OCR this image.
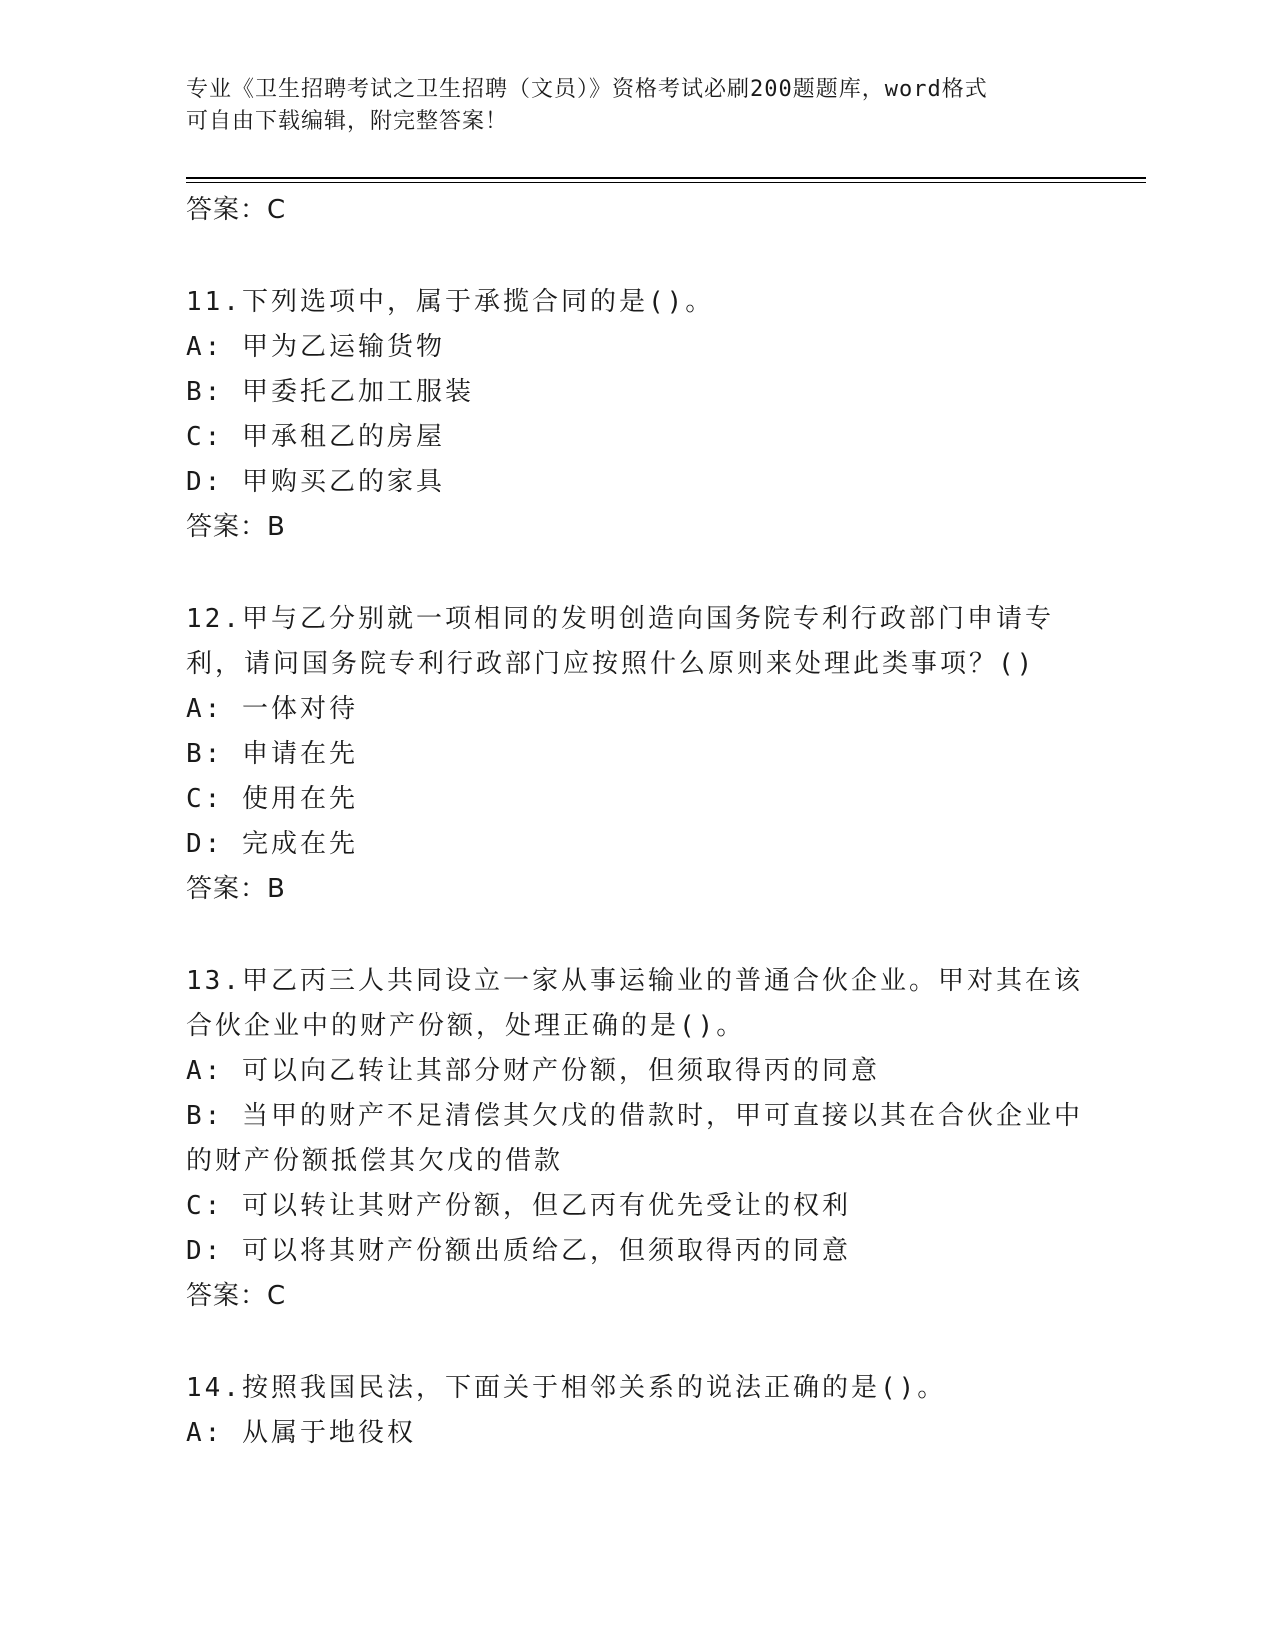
专业《卫生招聘考试之卫生招聘（文员）》资格考试必刷200题题库，word格式
可自由下载编辑，附完整答案！
答案：C
11.下列选项中，属于承揽合同的是()。
A: 甲为乙运输货物
B: 甲委托乙加工服装
C: 甲承租乙的房屋
D: 甲购买乙的家具
答案：B
12.甲与乙分别就一项相同的发明创造向国务院专利行政部门申请专利，请问国务院专利行政部门应按照什么原则来处理此类事项？()
A: 一体对待
B: 申请在先
C: 使用在先
D: 完成在先
答案：B
13.甲乙丙三人共同设立一家从事运输业的普通合伙企业。甲对其在该合伙企业中的财产份额，处理正确的是()。
A: 可以向乙转让其部分财产份额，但须取得丙的同意
B: 当甲的财产不足清偿其欠戊的借款时，甲可直接以其在合伙企业中的财产份额抵偿其欠戊的借款
C: 可以转让其财产份额，但乙丙有优先受让的权利
D: 可以将其财产份额出质给乙，但须取得丙的同意
答案：C
14.按照我国民法，下面关于相邻关系的说法正确的是()。
A: 从属于地役权
